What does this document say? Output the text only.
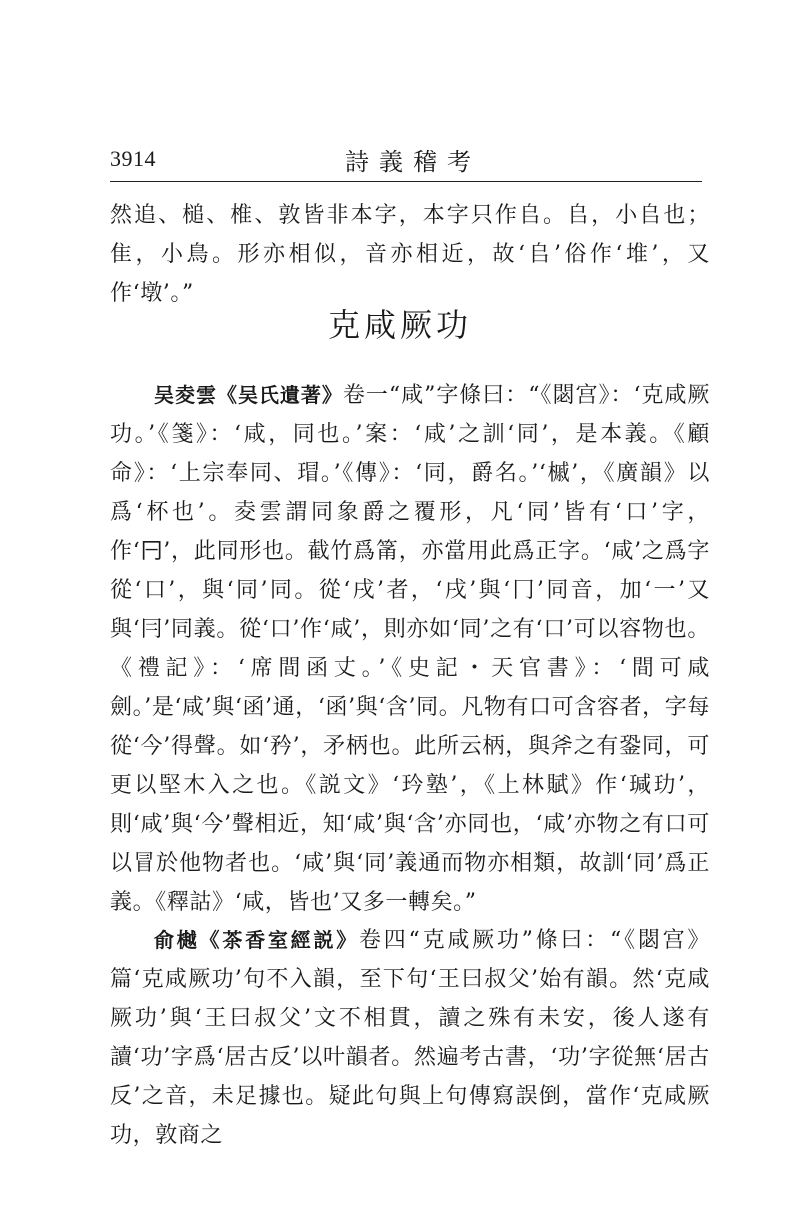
3914	詩義稽考

然追、槌、椎、敦皆非本字，本字只作𠂤。𠂤，小𠂤也；隹，小鳥。形亦相似，音亦相近，故‘𠂤’俗作‘堆’，又作‘墩’。”

克咸厥功

吴夌雲《吴氏遺著》卷一“咸”字條曰：“《閟宫》：‘克咸厥功。’《箋》：‘咸，同也。’案：‘咸’之訓‘同’，是本義。《顧命》：‘上宗奉同、瑁。’《傳》：‘同，爵名。’‘槭’，《廣韻》以爲‘杯也’。夌雲謂同象爵之覆形，凡‘同’皆有‘口’字，作‘𠔼’，此同形也。截竹爲筩，亦當用此爲正字。‘咸’之爲字從‘口’，與‘同’同。從‘戌’者，‘戌’與‘冂’同音，加‘一’又與‘冃’同義。從‘口’作‘咸’，則亦如‘同’之有‘口’可以容物也。《禮記》：‘席間函丈。’《史記・天官書》：‘間可咸劍。’是‘咸’與‘函’通，‘函’與‘含’同。凡物有口可含容者，字每從‘今’得聲。如‘矜’，矛柄也。此所云柄，與斧之有銎同，可更以堅木入之也。《説文》‘玪塾’，《上林賦》作‘瑊玏’，則‘咸’與‘今’聲相近，知‘咸’與‘含’亦同也，‘咸’亦物之有口可以冒於他物者也。‘咸’與‘同’義通而物亦相類，故訓‘同’爲正義。《釋詁》‘咸，皆也’又多一轉矣。”

俞樾《茶香室經説》卷四“克咸厥功”條曰：“《閟宫》篇‘克咸厥功’句不入韻，至下句‘王曰叔父’始有韻。然‘克咸厥功’與‘王曰叔父’文不相貫，讀之殊有未安，後人遂有讀‘功’字爲‘居古反’以叶韻者。然遍考古書，‘功’字從無‘居古反’之音，未足據也。疑此句與上句傳寫誤倒，當作‘克咸厥功，敦商之
